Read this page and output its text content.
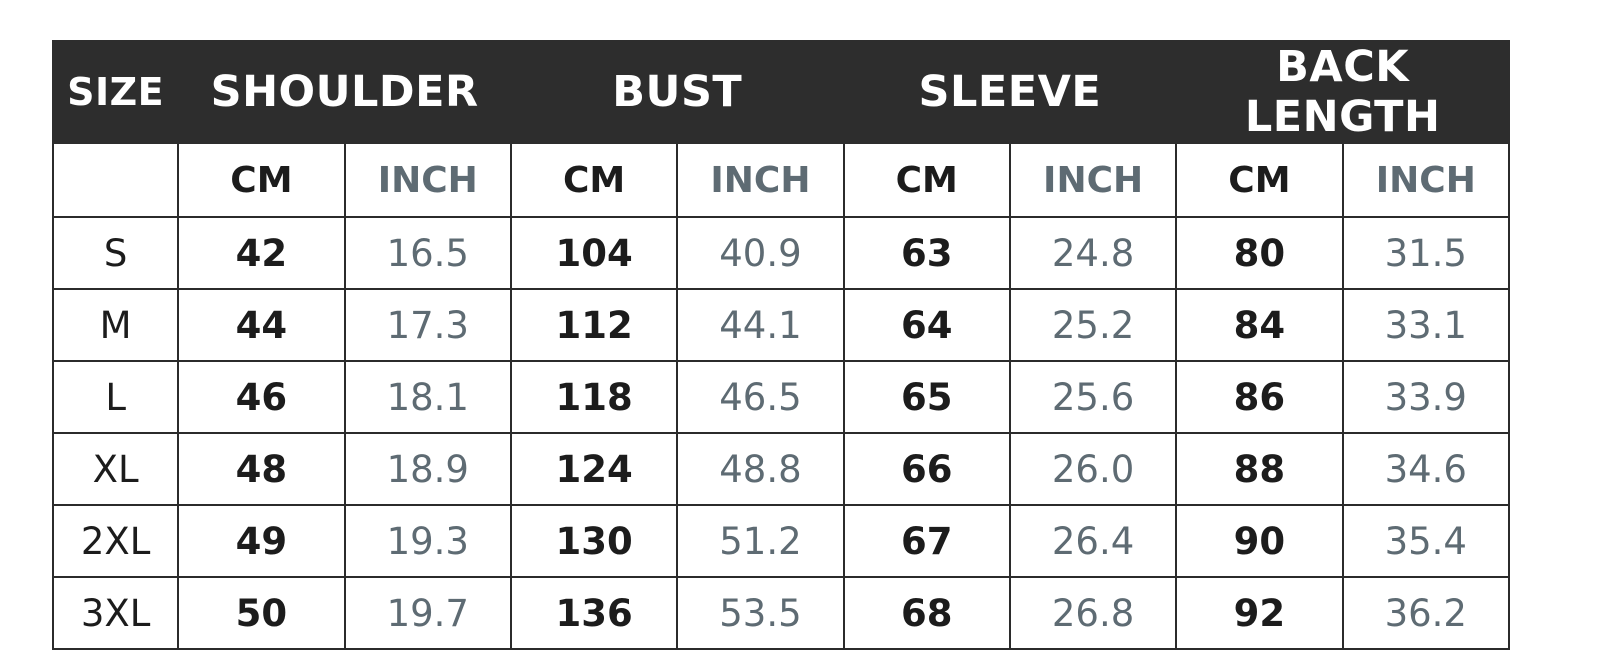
SIZE	SHOULDER		BUST		SLEEVE		BACK LENGTH	
	CM	INCH	CM	INCH	CM	INCH	CM	INCH
S	42	16.5	104	40.9	63	24.8	80	31.5
M	44	17.3	112	44.1	64	25.2	84	33.1
L	46	18.1	118	46.5	65	25.6	86	33.9
XL	48	18.9	124	48.8	66	26.0	88	34.6
2XL	49	19.3	130	51.2	67	26.4	90	35.4
3XL	50	19.7	136	53.5	68	26.8	92	36.2
